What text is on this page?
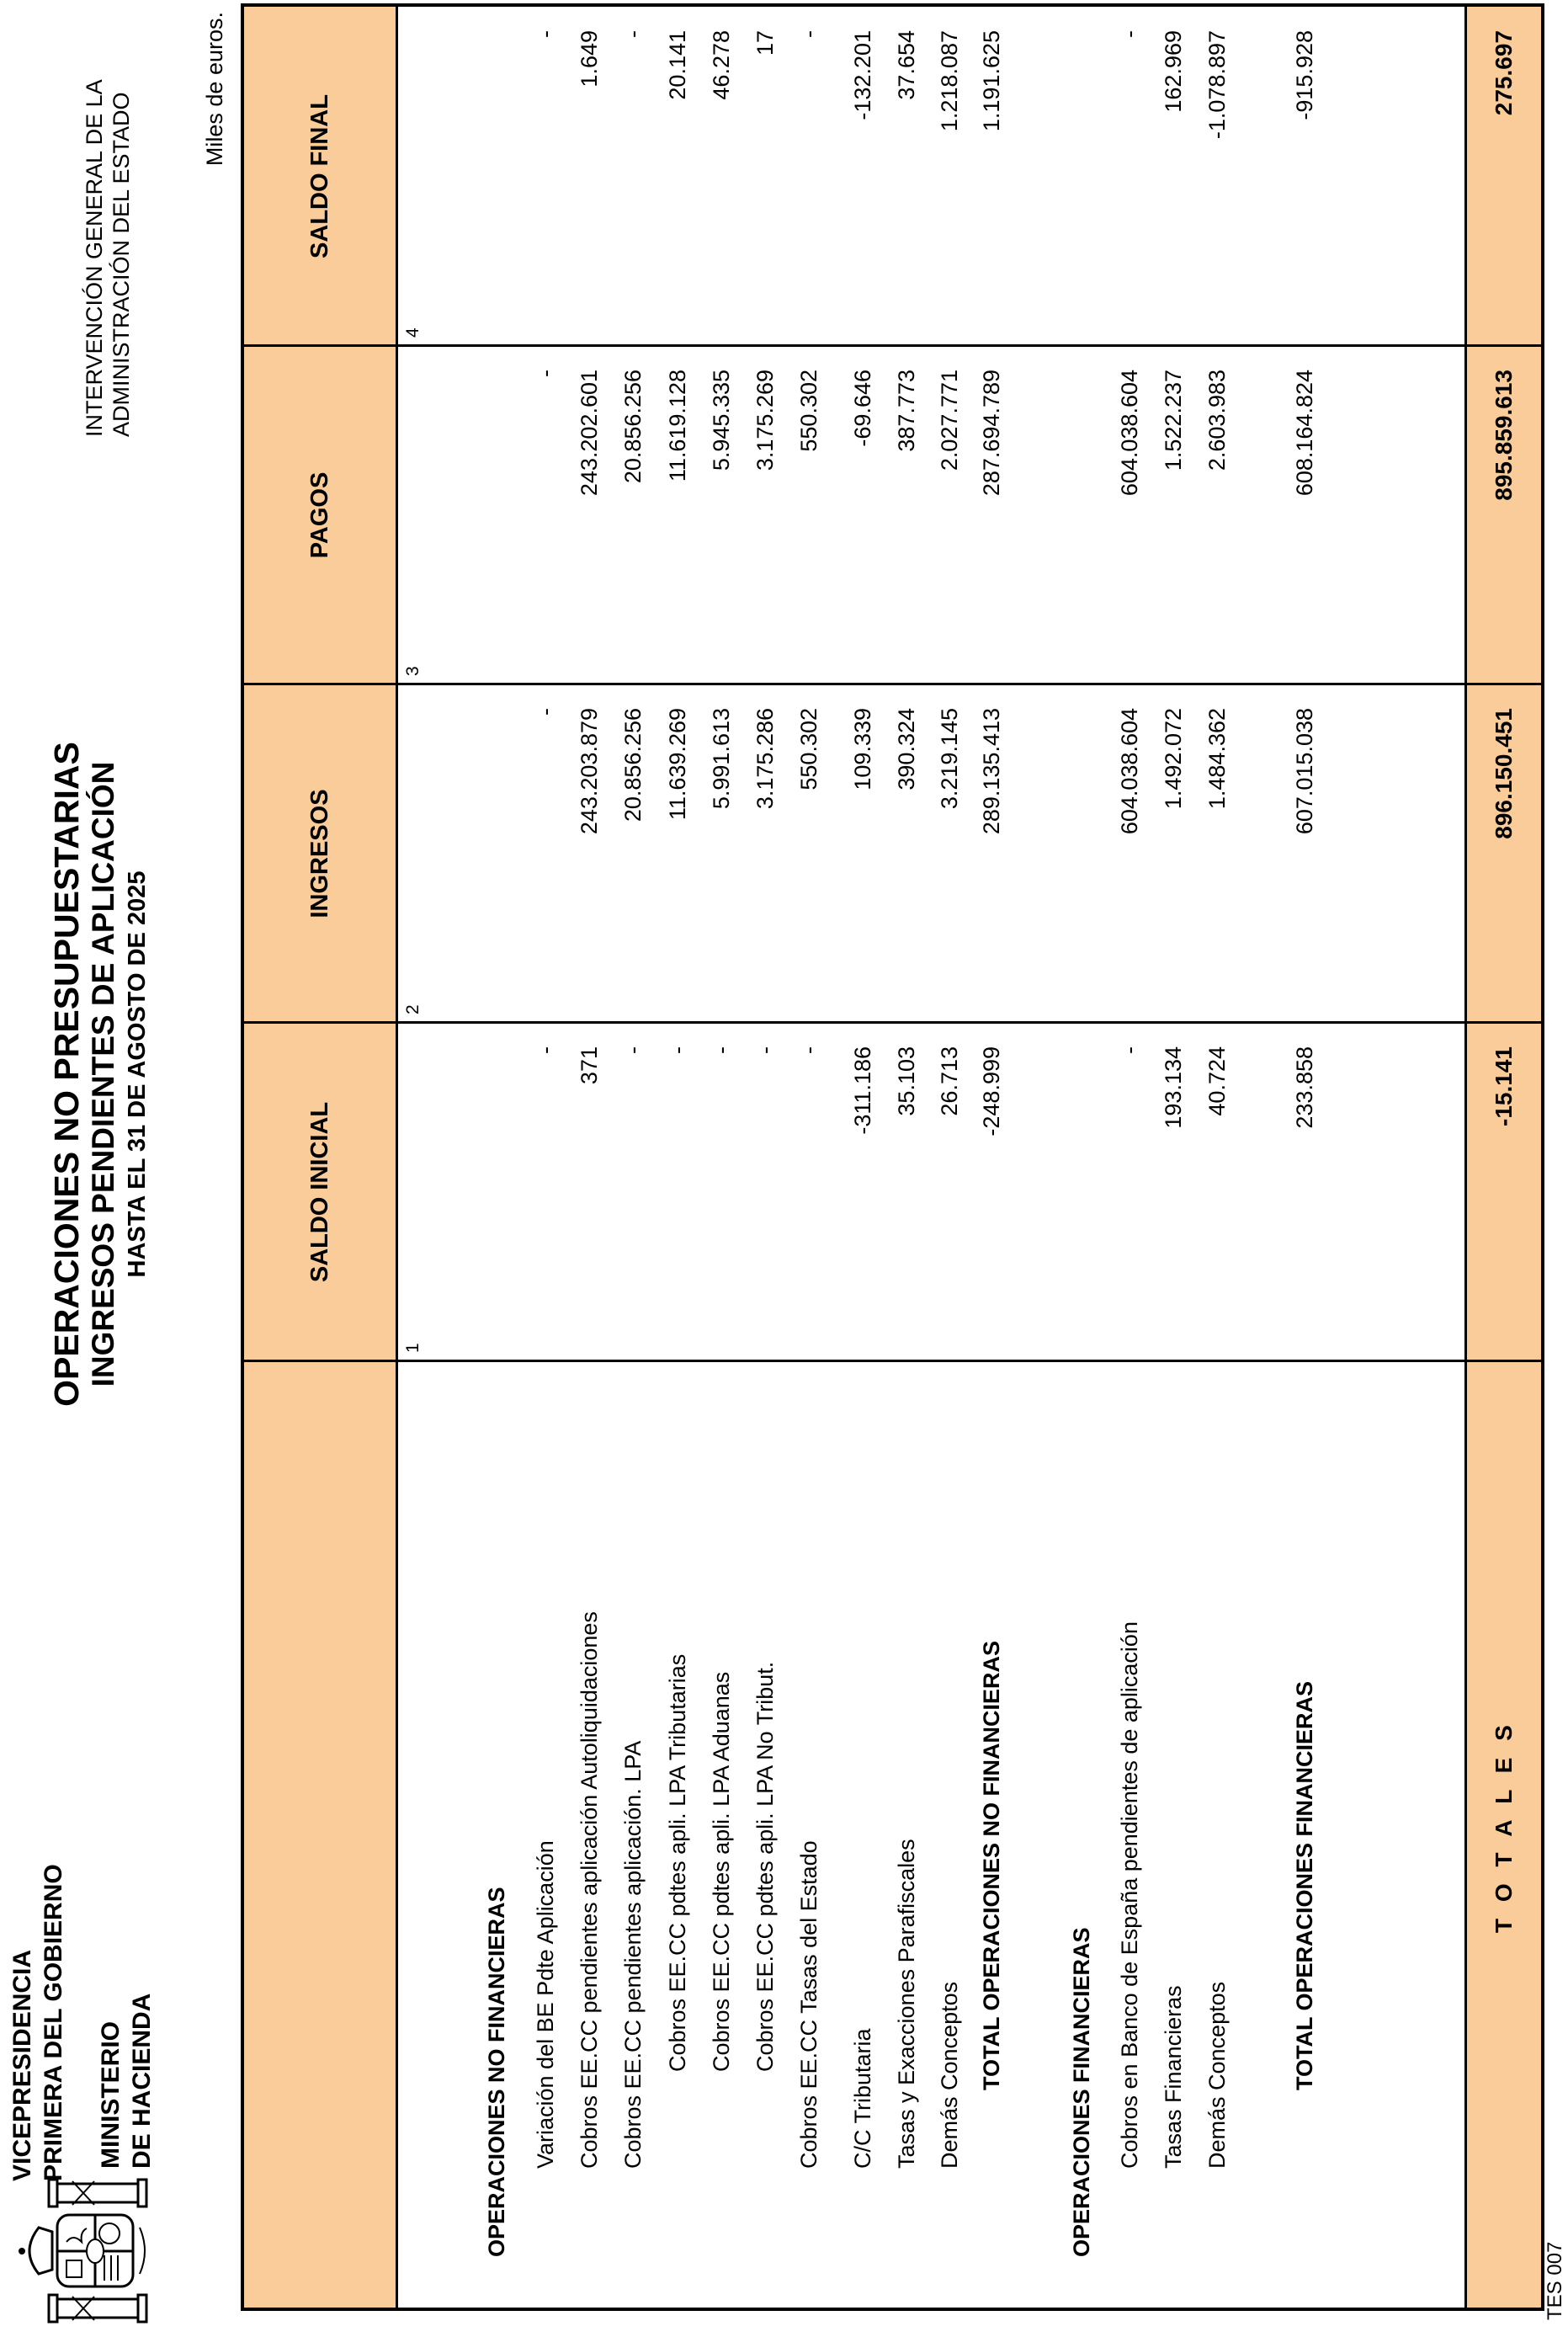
VICEPRESIDENCIA PRIMERA DEL GOBIERNO MINISTERIO DE HACIENDA
OPERACIONES NO PRESUPUESTARIAS INGRESOS PENDIENTES DE APLICACIÓN HASTA EL 31 DE AGOSTO DE 2025
INTERVENCIÓN GENERAL DE LA ADMINISTRACIÓN DEL ESTADO
Miles de euros.
SALDO INICIAL
INGRESOS
PAGOS
SALDO FINAL
1
2
3
4
OPERACIONES NO FINANCIERAS Variación del BE Pdte Aplicación
-
-
-
-
Cobros EE.CC pendientes aplicación Autoliquidaciones
371
243.203.879
243.202.601
1.649
Cobros EE.CC pendientes aplicación. LPA
-
20.856.256
20.856.256
-
Cobros EE.CC pdtes apli. LPA Tributarias
-
11.639.269
11.619.128
20.141
Cobros EE.CC pdtes apli. LPA Aduanas
-
5.991.613
5.945.335
46.278
Cobros EE.CC pdtes apli. LPA No Tribut.
-
3.175.286
3.175.269
17
Cobros EE.CC Tasas del Estado
-
550.302
550.302
-
C/C Tributaria
-311.186
109.339
-69.646
-132.201
Tasas y Exacciones Parafiscales
35.103
390.324
387.773
37.654
Demás Conceptos
26.713
3.219.145
2.027.771
1.218.087
TOTAL OPERACIONES NO FINANCIERAS
-248.999
289.135.413
287.694.789
1.191.625
OPERACIONES FINANCIERAS Cobros en Banco de España pendientes de aplicación
-
604.038.604
604.038.604
-
Tasas Financieras
193.134
1.492.072
1.522.237
162.969
Demás Conceptos
40.724
1.484.362
2.603.983
-1.078.897
TOTAL OPERACIONES FINANCIERAS
233.858
607.015.038
608.164.824
-915.928
T O T A L E S
-15.141
896.150.451
895.859.613
275.697
TES 007
